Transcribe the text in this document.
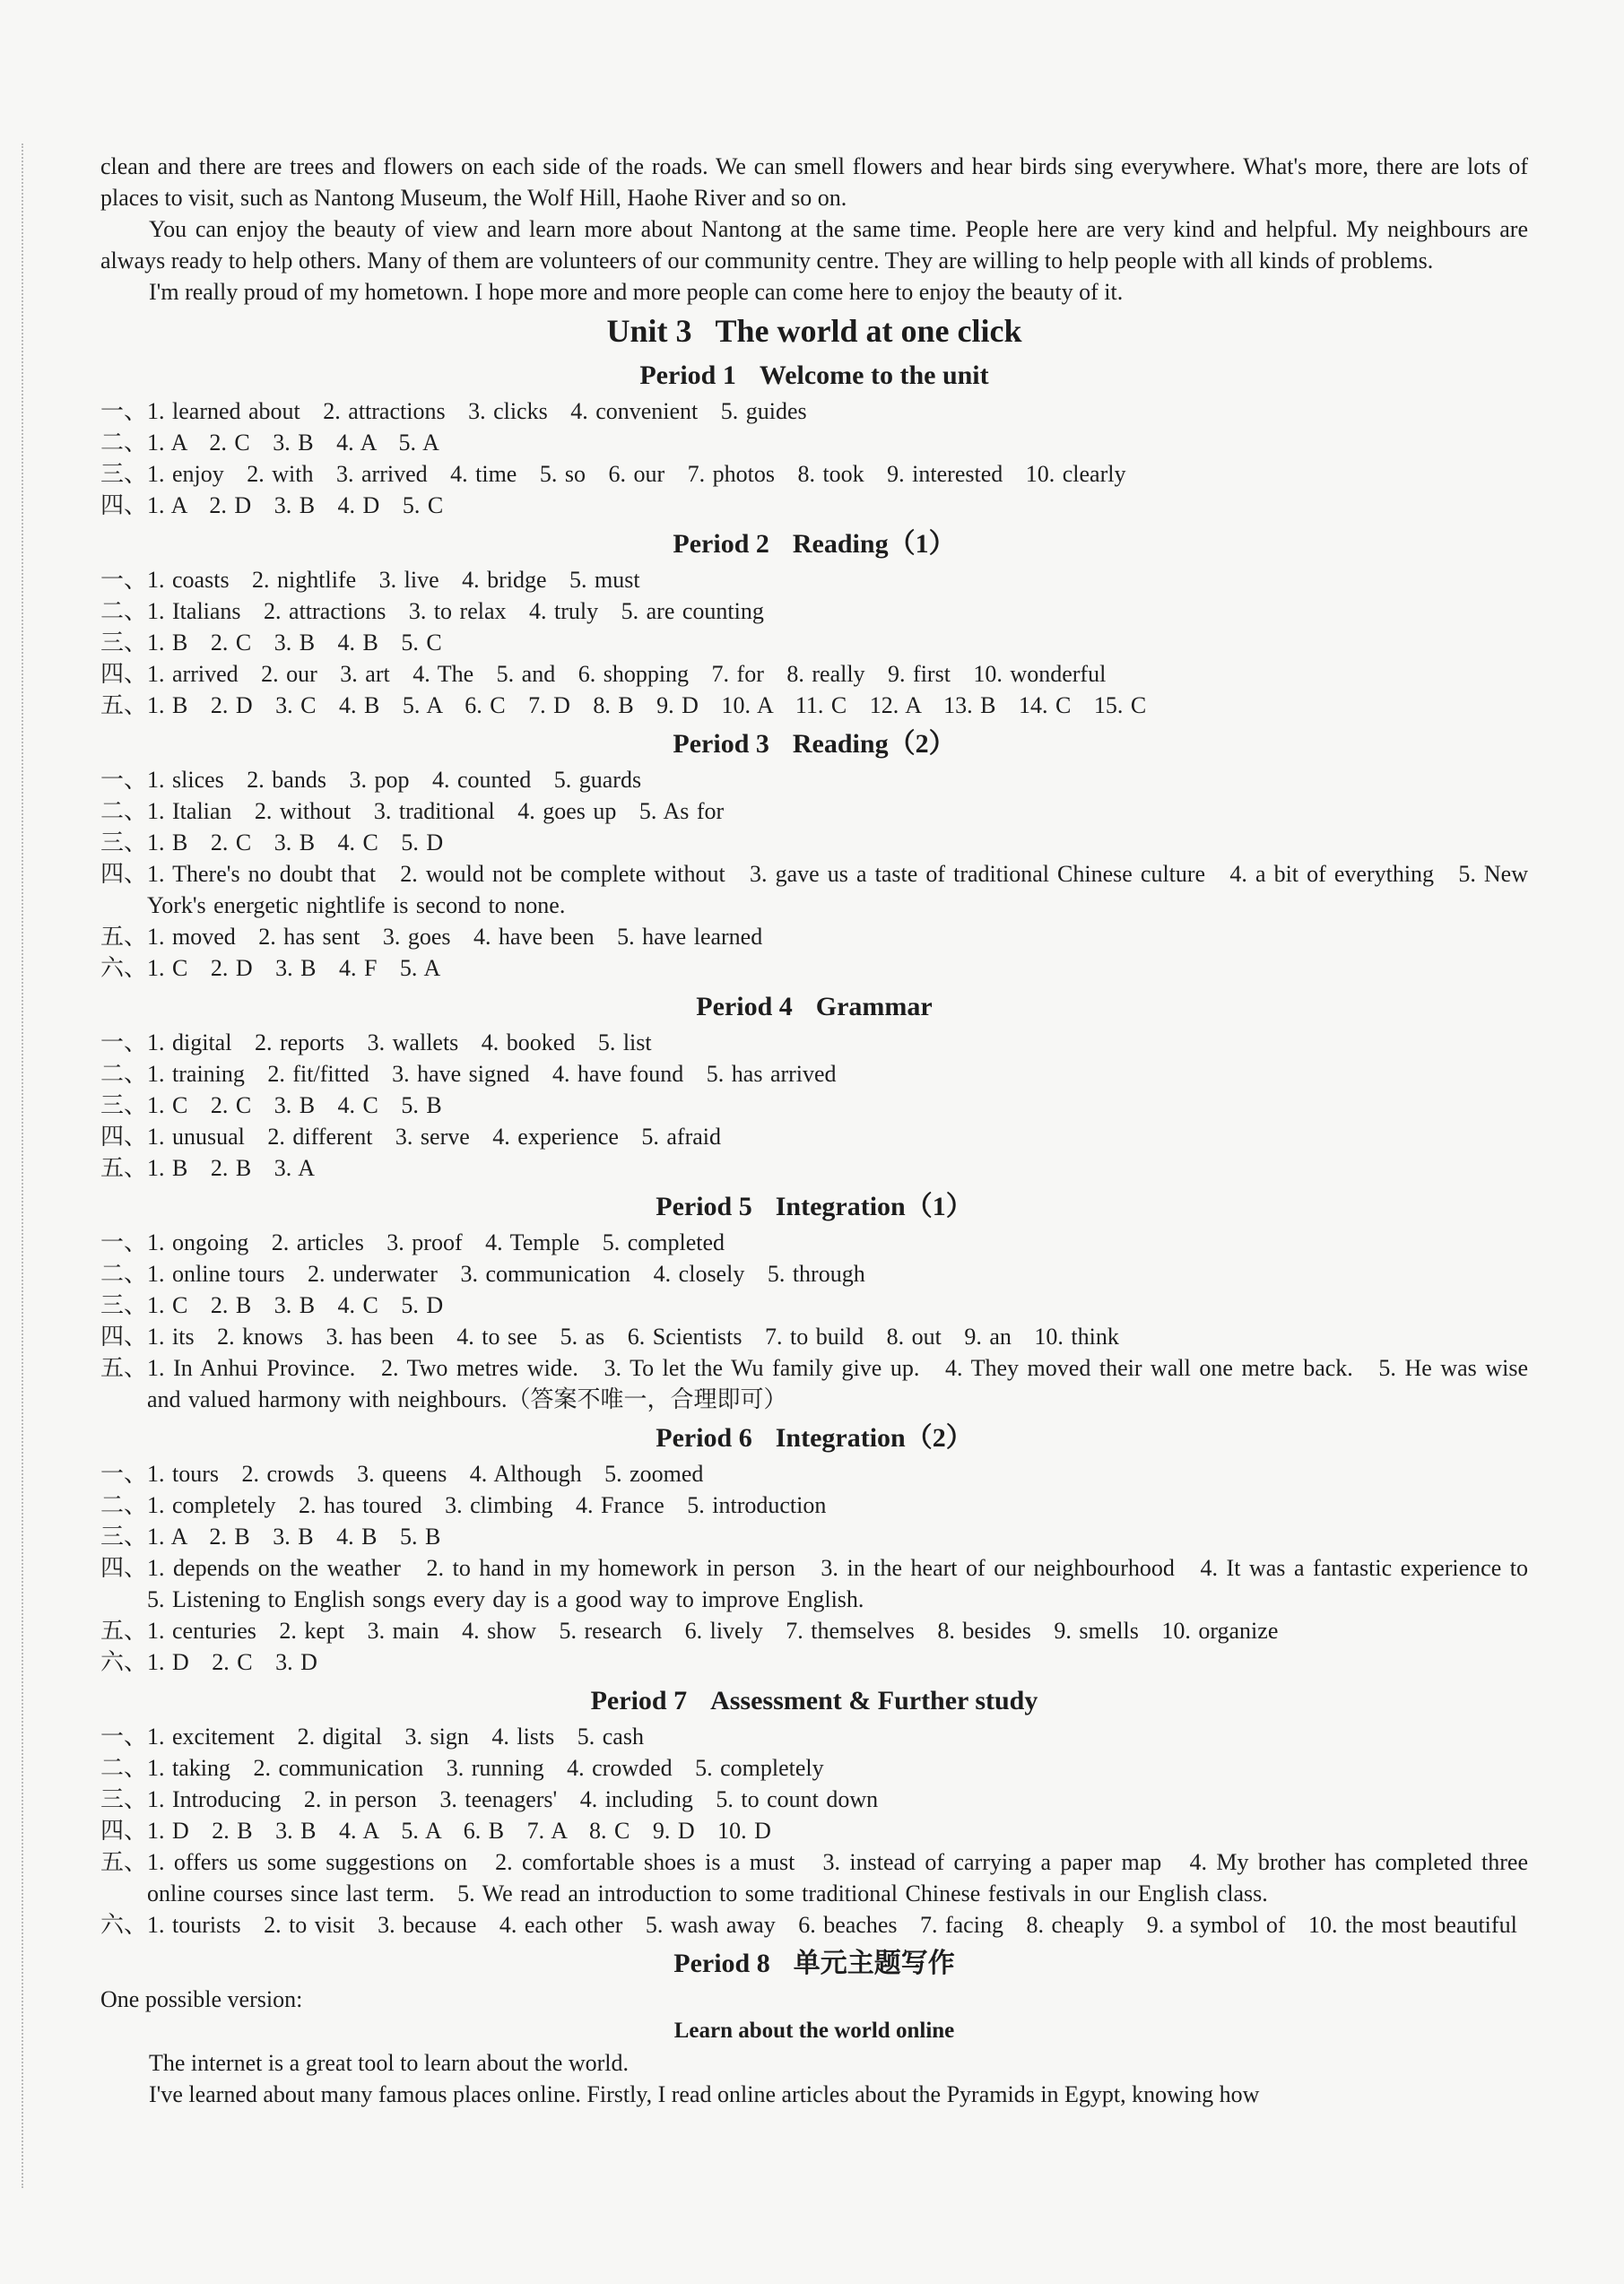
clean and there are trees and flowers on each side of the roads. We can smell flowers and hear birds sing everywhere. What's more, there are lots of places to visit, such as Nantong Museum, the Wolf Hill, Haohe River and so on.

You can enjoy the beauty of view and learn more about Nantong at the same time. People here are very kind and helpful. My neighbours are always ready to help others. Many of them are volunteers of our community centre. They are willing to help people with all kinds of problems.

I'm really proud of my hometown. I hope more and more people can come here to enjoy the beauty of it.

Unit 3 The world at one click
Period 1 Welcome to the unit
一、 1. learned about   2. attractions   3. clicks   4. convenient   5. guides
二、 1. A   2. C   3. B   4. A   5. A
三、 1. enjoy   2. with   3. arrived   4. time   5. so   6. our   7. photos   8. took   9. interested   10. clearly
四、 1. A   2. D   3. B   4. D   5. C
Period 2 Reading（1）
一、 1. coasts   2. nightlife   3. live   4. bridge   5. must
二、 1. Italians   2. attractions   3. to relax   4. truly   5. are counting
三、 1. B   2. C   3. B   4. B   5. C
四、 1. arrived   2. our   3. art   4. The   5. and   6. shopping   7. for   8. really   9. first   10. wonderful
五、 1. B   2. D   3. C   4. B   5. A   6. C   7. D   8. B   9. D   10. A   11. C   12. A   13. B   14. C   15. C
Period 3 Reading（2）
一、 1. slices   2. bands   3. pop   4. counted   5. guards
二、 1. Italian   2. without   3. traditional   4. goes up   5. As for
三、 1. B   2. C   3. B   4. C   5. D
四、 1. There's no doubt that   2. would not be complete without   3. gave us a taste of traditional Chinese culture   4. a bit of everything   5. New York's energetic nightlife is second to none.
五、 1. moved   2. has sent   3. goes   4. have been   5. have learned
六、 1. C   2. D   3. B   4. F   5. A
Period 4 Grammar
一、 1. digital   2. reports   3. wallets   4. booked   5. list
二、 1. training   2. fit/fitted   3. have signed   4. have found   5. has arrived
三、 1. C   2. C   3. B   4. C   5. B
四、 1. unusual   2. different   3. serve   4. experience   5. afraid
五、 1. B   2. B   3. A
Period 5 Integration（1）
一、 1. ongoing   2. articles   3. proof   4. Temple   5. completed
二、 1. online tours   2. underwater   3. communication   4. closely   5. through
三、 1. C   2. B   3. B   4. C   5. D
四、 1. its   2. knows   3. has been   4. to see   5. as   6. Scientists   7. to build   8. out   9. an   10. think
五、 1. In Anhui Province.   2. Two metres wide.   3. To let the Wu family give up.   4. They moved their wall one metre back.   5. He was wise and valued harmony with neighbours.（答案不唯一，合理即可）
Period 6 Integration（2）
一、 1. tours   2. crowds   3. queens   4. Although   5. zoomed
二、 1. completely   2. has toured   3. climbing   4. France   5. introduction
三、 1. A   2. B   3. B   4. B   5. B
四、 1. depends on the weather   2. to hand in my homework in person   3. in the heart of our neighbourhood   4. It was a fantastic experience to   5. Listening to English songs every day is a good way to improve English.
五、 1. centuries   2. kept   3. main   4. show   5. research   6. lively   7. themselves   8. besides   9. smells   10. organize
六、 1. D   2. C   3. D
Period 7 Assessment & Further study
一、 1. excitement   2. digital   3. sign   4. lists   5. cash
二、 1. taking   2. communication   3. running   4. crowded   5. completely
三、 1. Introducing   2. in person   3. teenagers'   4. including   5. to count down
四、 1. D   2. B   3. B   4. A   5. A   6. B   7. A   8. C   9. D   10. D
五、 1. offers us some suggestions on   2. comfortable shoes is a must   3. instead of carrying a paper map   4. My brother has completed three online courses since last term.   5. We read an introduction to some traditional Chinese festivals in our English class.
六、 1. tourists   2. to visit   3. because   4. each other   5. wash away   6. beaches   7. facing   8. cheaply   9. a symbol of   10. the most beautiful
Period 8 单元主题写作

One possible version:

Learn about the world online

The internet is a great tool to learn about the world.

I've learned about many famous places online. Firstly, I read online articles about the Pyramids in Egypt, knowing how
